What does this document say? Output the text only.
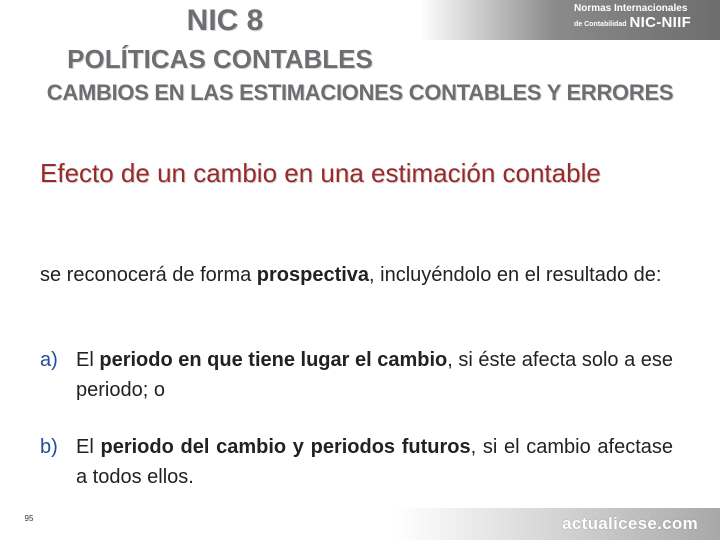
Normas Internacionales
de Contabilidad NIC-NIIF
NIC 8
POLÍTICAS CONTABLES
CAMBIOS EN LAS ESTIMACIONES CONTABLES Y ERRORES
Efecto de un cambio en una estimación contable
se reconocerá de forma prospectiva, incluyéndolo en el resultado de:
a) El periodo en que tiene lugar el cambio, si éste afecta solo a ese periodo; o
b) El periodo del cambio y periodos futuros, si el cambio afectase a todos ellos.
95	actualicese.com
